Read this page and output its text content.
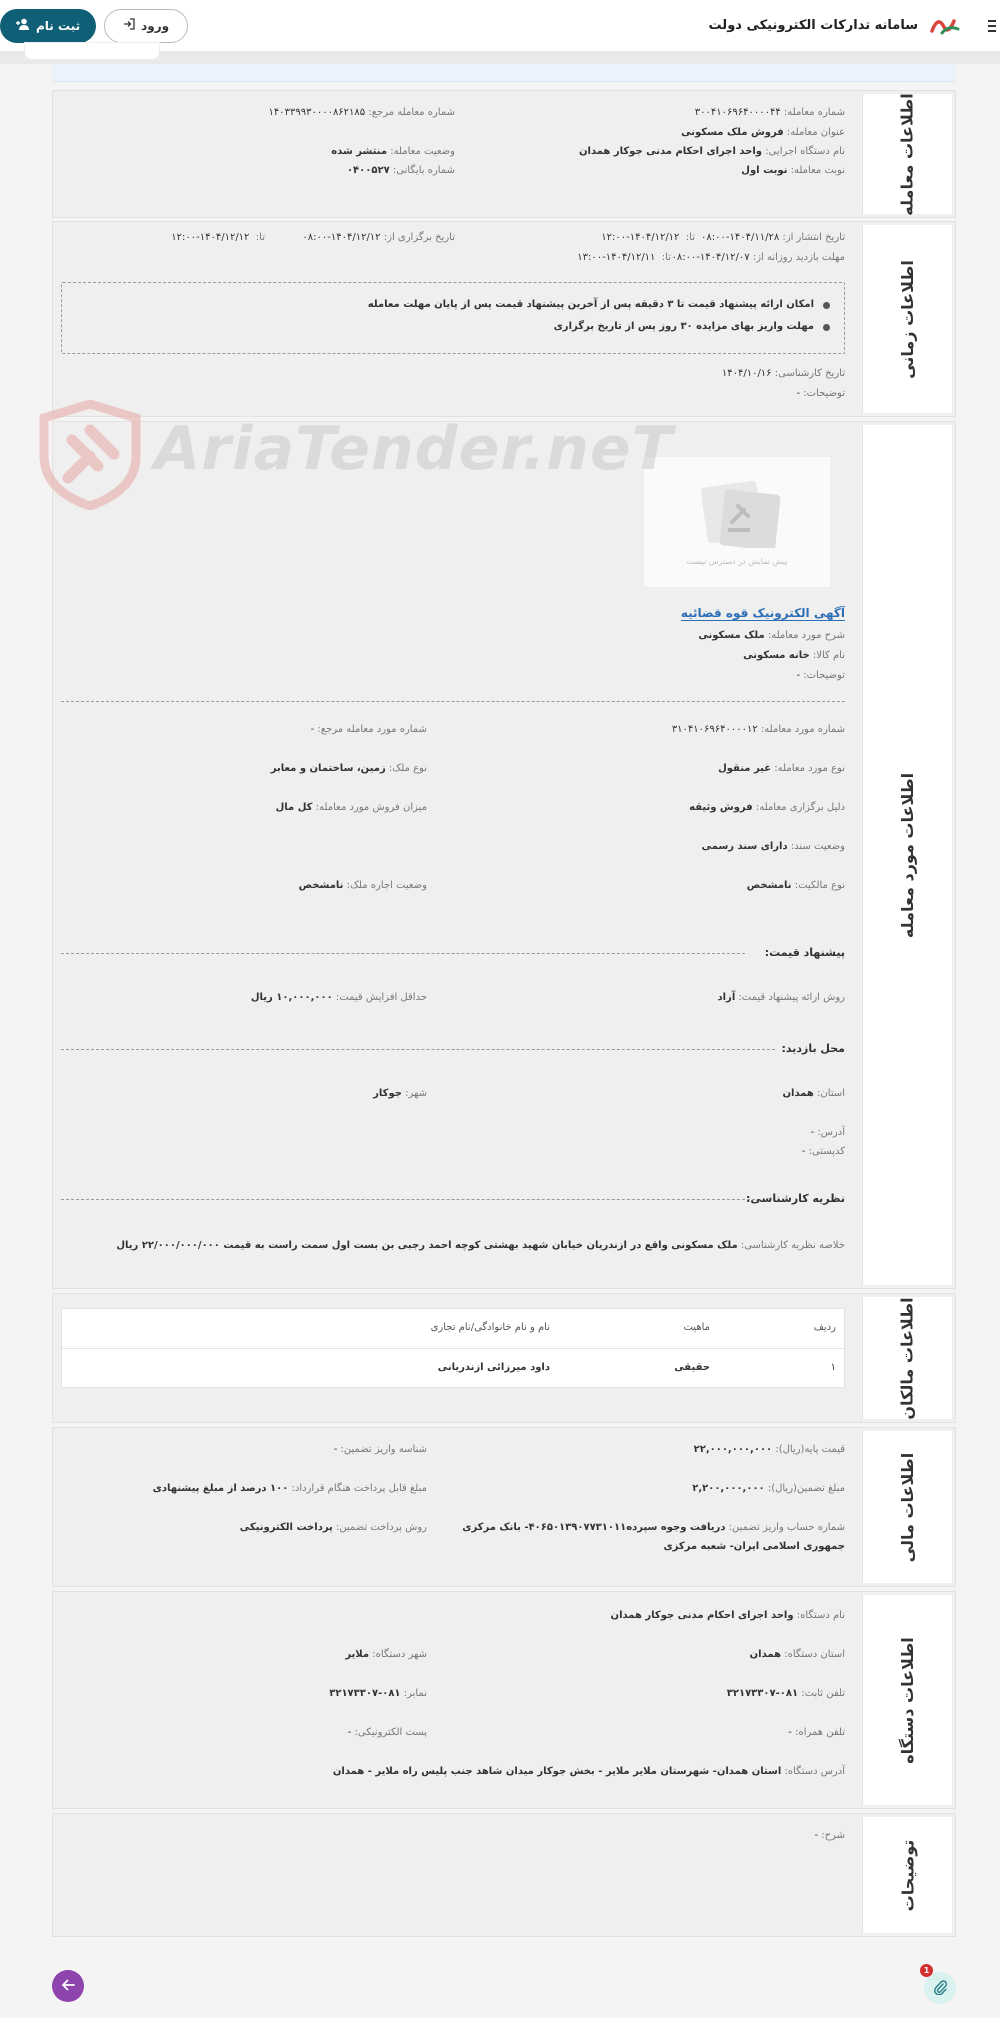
سامانه تدارکات الکترونیکی دولت
ورود
ثبت نام
اطلاعات معامله
شماره معامله: ۳۰۰۴۱۰۶۹۶۴۰۰۰۰۴۴
شماره معامله مرجع: ۱۴۰۳۳۹۹۳۰۰۰۰۸۶۲۱۸۵
عنوان معامله: فروش ملک مسکونی
نام دستگاه اجرایی: واحد اجرای احکام مدنی جوکار همدان
وضعیت معامله: منتشر شده
نوبت معامله: نوبت اول
شماره بایگانی: ۰۴۰۰۵۲۷
اطلاعات زمانی
تاریخ انتشار از: ۱۴۰۴/۱۱/۲۸-۰۸:۰۰
تا:  ۱۴۰۴/۱۲/۱۲-۱۲:۰۰
تاریخ برگزاری از: ۱۴۰۴/۱۲/۱۲-۰۸:۰۰
تا:  ۱۴۰۴/۱۲/۱۲-۱۲:۰۰
مهلت بازدید روزانه از: ۱۴۰۴/۱۲/۰۷-۰۸:۰۰
تا:  ۱۴۰۴/۱۲/۱۱-۱۳:۰۰
امکان ارائه پیشنهاد قیمت تا ۳ دقیقه پس از آخرین پیشنهاد قیمت پس از پایان مهلت معامله
مهلت واریز بهای مزایده ۳۰ روز پس از تاریخ برگزاری
تاریخ کارشناسی: ۱۴۰۴/۱۰/۱۶
توضیحات: -
اطلاعات مورد معامله
پیش نمایش در دسترس نیست
آگهی الکترونیک قوه قضائیه
شرح مورد معامله: ملک مسکونی
نام کالا: خانه مسکونی
توضیحات: -
شماره مورد معامله: ۳۱۰۴۱۰۶۹۶۴۰۰۰۰۱۲
شماره مورد معامله مرجع: -
نوع مورد معامله: غیر منقول
نوع ملک: زمین، ساختمان و معابر
دلیل برگزاری معامله: فروش وثیقه
میزان فروش مورد معامله: کل مال
وضعیت سند: دارای سند رسمی
نوع مالکیت: نامشخص
وضعیت اجاره ملک: نامشخص
پیشنهاد قیمت:
روش ارائه پیشنهاد قیمت: آزاد
حداقل افزایش قیمت: ۱۰,۰۰۰,۰۰۰ ریال
محل بازدید:
استان: همدان
شهر: جوکار
آدرس: -
کدپستی: -
نظریه کارشناسی:
خلاصه نظریه کارشناسی: ملک مسکونی واقع در ازندریان خیابان شهید بهشتی کوچه احمد رجبی بن بست اول سمت راست به قیمت ۲۲/۰۰۰/۰۰۰/۰۰۰ ریال
AriaTender.neT
اطلاعات مالکان
ردیف
ماهیت
نام و نام خانوادگی/نام تجاری
۱
حقیقی
داود میرزائی ازندریانی
اطلاعات مالی
قیمت پایه(ریال): ۲۲,۰۰۰,۰۰۰,۰۰۰
شناسه واریز تضمین: -
مبلغ تضمین(ریال): ۲,۲۰۰,۰۰۰,۰۰۰
مبلغ قابل پرداخت هنگام قرارداد: ۱۰۰ درصد از مبلغ پیشنهادی
شماره حساب واریز تضمین: دریافت وجوه سپرده۴۰۶۵۰۱۳۹۰۷۷۳۱۰۱۱- بانک مرکزی
جمهوری اسلامی ایران- شعبه مرکزی
روش پرداخت تضمین: پرداخت الکترونیکی
اطلاعات دستگاه
نام دستگاه: واحد اجرای احکام مدنی جوکار همدان
استان دستگاه: همدان
شهر دستگاه: ملایر
تلفن ثابت: ۰۸۱-۳۲۱۷۳۳۰۷
نمابر: ۰۸۱-۳۲۱۷۳۳۰۷
تلفن همراه: -
پست الکترونیکی: -
آدرس دستگاه: استان همدان- شهرستان ملایر ملایر - بخش جوکار میدان شاهد جنب پلیس راه ملایر - همدان
توضیحات
شرح: -
1
